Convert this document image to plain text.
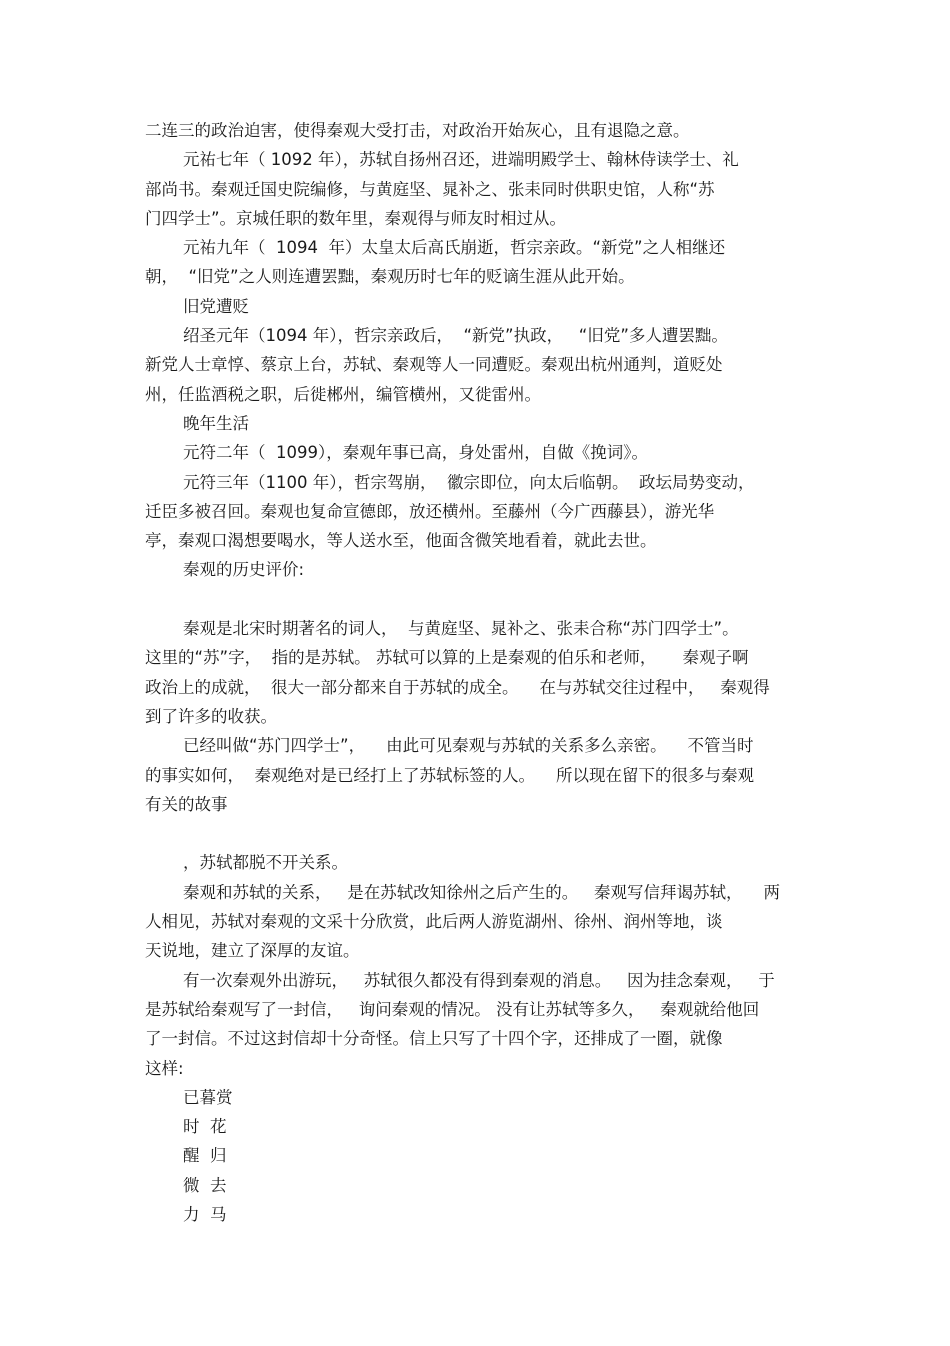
二连三的政治迫害，使得秦观大受打击，对政治开始灰心，且有退隐之意。
元祐七年（ 1092 年），苏轼自扬州召还，进端明殿学士、翰林侍读学士、礼
部尚书。秦观迁国史院编修，与黄庭坚、晁补之、张耒同时供职史馆，人称“苏
门四学士”。京城任职的数年里，秦观得与师友时相过从。
元祐九年（  1094  年）太皇太后高氏崩逝，哲宗亲政。“新党”之人相继还
朝，  “旧党”之人则连遭罢黜，秦观历时七年的贬谪生涯从此开始。
旧党遭贬
绍圣元年（1094 年），哲宗亲政后，  “新党”执政，   “旧党”多人遭罢黜。
新党人士章惇、蔡京上台，苏轼、秦观等人一同遭贬。秦观出杭州通判，道贬处
州，任监酒税之职，后徙郴州，编管横州，又徙雷州。
晚年生活
元符二年（  1099），秦观年事已高，身处雷州，自做《挽词》。
元符三年（1100 年），哲宗驾崩，  徽宗即位，向太后临朝。  政坛局势变动，
迁臣多被召回。秦观也复命宣德郎，放还横州。至藤州（今广西藤县），游光华
亭，秦观口渴想要喝水，等人送水至，他面含微笑地看着，就此去世。
秦观的历史评价:
秦观是北宋时期著名的词人，  与黄庭坚、晁补之、张耒合称“苏门四学士”。
这里的“苏”字，  指的是苏轼。 苏轼可以算的上是秦观的伯乐和老师，     秦观子啊
政治上的成就，  很大一部分都来自于苏轼的成全。    在与苏轼交往过程中，   秦观得
到了许多的收获。
已经叫做“苏门四学士”，    由此可见秦观与苏轼的关系多么亲密。    不管当时
的事实如何，  秦观绝对是已经打上了苏轼标签的人。    所以现在留下的很多与秦观
有关的故事
，苏轼都脱不开关系。
秦观和苏轼的关系，   是在苏轼改知徐州之后产生的。   秦观写信拜谒苏轼，    两
人相见，苏轼对秦观的文采十分欣赏，此后两人游览湖州、徐州、润州等地，谈
天说地，建立了深厚的友谊。
有一次秦观外出游玩，   苏轼很久都没有得到秦观的消息。   因为挂念秦观，   于
是苏轼给秦观写了一封信，   询问秦观的情况。 没有让苏轼等多久，   秦观就给他回
了一封信。不过这封信却十分奇怪。信上只写了十四个字，还排成了一圈，就像
这样:
已暮赏
时  花
醒  归
微  去
力  马
